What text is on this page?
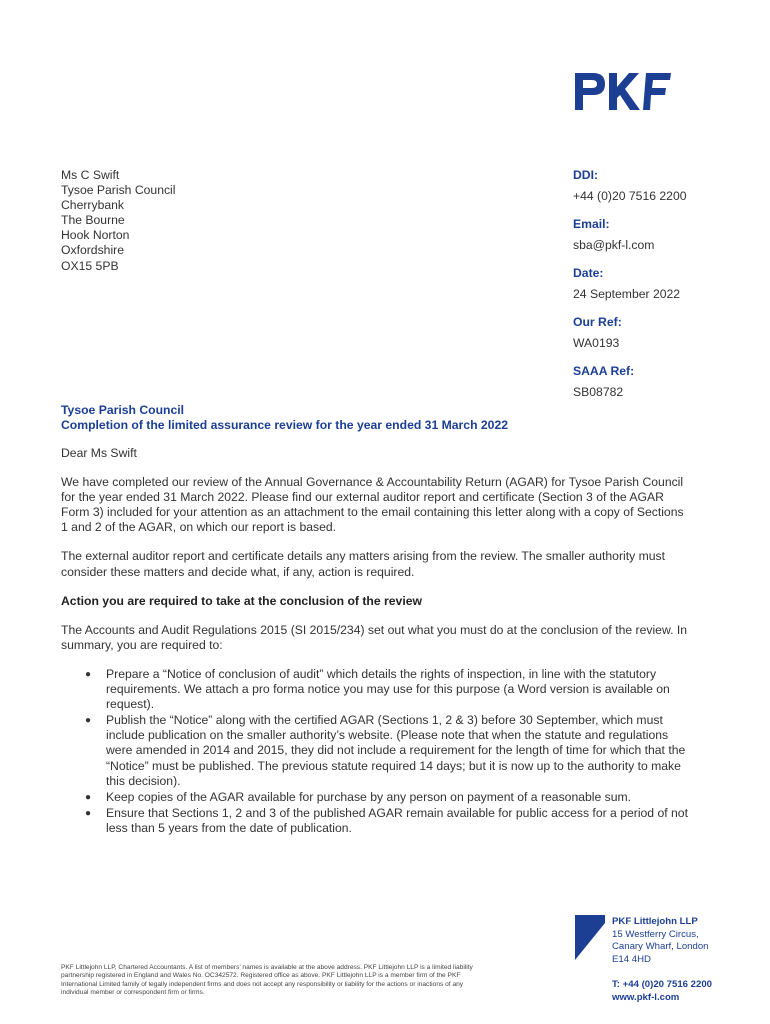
Ms C Swift
Tysoe Parish Council
Cherrybank
The Bourne
Hook Norton
Oxfordshire
OX15 5PB
DDI:
+44 (0)20 7516 2200
Email:
sba@pkf-l.com
Date:
24 September 2022
Our Ref:
WA0193
SAAA Ref:
SB08782
Tysoe Parish Council
Completion of the limited assurance review for the year ended 31 March 2022

Dear Ms Swift

We have completed our review of the Annual Governance & Accountability Return (AGAR) for Tysoe Parish Council for the year ended 31 March 2022. Please find our external auditor report and certificate (Section 3 of the AGAR Form 3) included for your attention as an attachment to the email containing this letter along with a copy of Sections 1 and 2 of the AGAR, on which our report is based.

The external auditor report and certificate details any matters arising from the review. The smaller authority must consider these matters and decide what, if any, action is required.

Action you are required to take at the conclusion of the review

The Accounts and Audit Regulations 2015 (SI 2015/234) set out what you must do at the conclusion of the review. In summary, you are required to:

● Prepare a “Notice of conclusion of audit” which details the rights of inspection, in line with the statutory requirements. We attach a pro forma notice you may use for this purpose (a Word version is available on request).
● Publish the “Notice” along with the certified AGAR (Sections 1, 2 & 3) before 30 September, which must include publication on the smaller authority’s website. (Please note that when the statute and regulations were amended in 2014 and 2015, they did not include a requirement for the length of time for which that the “Notice” must be published. The previous statute required 14 days; but it is now up to the authority to make this decision).
● Keep copies of the AGAR available for purchase by any person on payment of a reasonable sum.
● Ensure that Sections 1, 2 and 3 of the published AGAR remain available for public access for a period of not less than 5 years from the date of publication.
PKF Littlejohn LLP, Chartered Accountants. A list of members’ names is available at the above address. PKF Littlejohn LLP is a limited liability partnership registered in England and Wales No. OC342572. Registered office as above. PKF Littlejohn LLP is a member firm of the PKF International Limited family of legally independent firms and does not accept any responsibility or liability for the actions or inactions of any individual member or correspondent firm or firms.
PKF Littlejohn LLP
15 Westferry Circus,
Canary Wharf, London
E14 4HD
T: +44 (0)20 7516 2200
www.pkf-l.com
